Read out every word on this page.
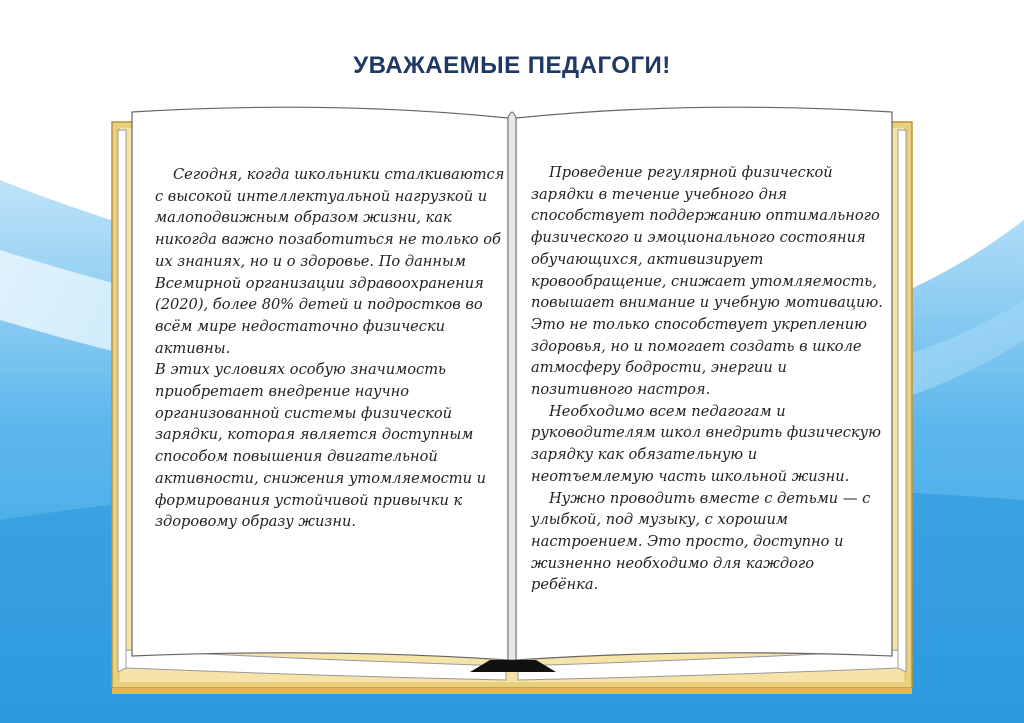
УВАЖАЕМЫЕ ПЕДАГОГИ!

Сегодня, когда школьники сталкиваются с высокой интеллектуальной нагрузкой и малоподвижным образом жизни, как никогда важно позаботиться не только об их знаниях, но и о здоровье. По данным Всемирной организации здравоохранения (2020), более 80% детей и подростков во всём мире недостаточно физически активны.

В этих условиях особую значимость приобретает внедрение научно организованной системы физической зарядки, которая является доступным способом повышения двигательной активности, снижения утомляемости и формирования устойчивой привычки к здоровому образу жизни.

Проведение регулярной физической зарядки в течение учебного дня способствует поддержанию оптимального физического и эмоционального состояния обучающихся, активизирует кровообращение, снижает утомляемость, повышает внимание и учебную мотивацию. Это не только способствует укреплению здоровья, но и помогает создать в школе атмосферу бодрости, энергии и позитивного настроя.

Необходимо всем педагогам и руководителям школ внедрить физическую зарядку как обязательную и неотъемлемую часть школьной жизни.

Нужно проводить вместе с детьми — с улыбкой, под музыку, с хорошим настроением. Это просто, доступно и жизненно необходимо для каждого ребёнка.
